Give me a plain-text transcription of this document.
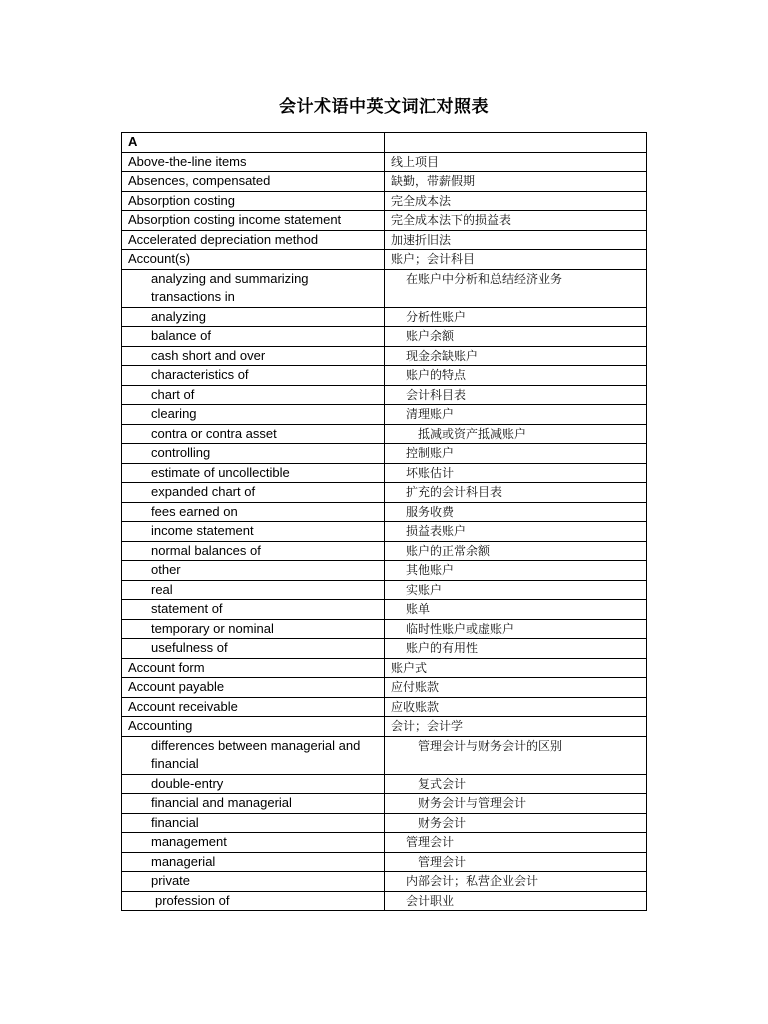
会计术语中英文词汇对照表
A	
Above-the-line items	线上项目
Absences, compensated	缺勤，带薪假期
Absorption costing	完全成本法
Absorption costing income statement	完全成本法下的损益表
Accelerated depreciation method	加速折旧法
Account(s)	账户；会计科目
analyzing and summarizing transactions in	在账户中分析和总结经济业务
analyzing	分析性账户
balance of	账户余额
cash short and over	现金余缺账户
characteristics of	账户的特点
chart of	会计科目表
clearing	清理账户
contra or contra asset	抵减或资产抵减账户
controlling	控制账户
estimate of uncollectible	坏账估计
expanded chart of	扩充的会计科目表
fees earned on	服务收费
income statement	损益表账户
normal balances of	账户的正常余额
other	其他账户
real	实账户
statement of	账单
temporary or nominal	临时性账户或虚账户
usefulness of	账户的有用性
Account form	账户式
Account payable	应付账款
Account receivable	应收账款
Accounting	会计；会计学
differences between managerial and financial	管理会计与财务会计的区别
double-entry	复式会计
financial and managerial	财务会计与管理会计
financial	财务会计
management	管理会计
managerial	管理会计
private	内部会计；私营企业会计
profession of	会计职业
